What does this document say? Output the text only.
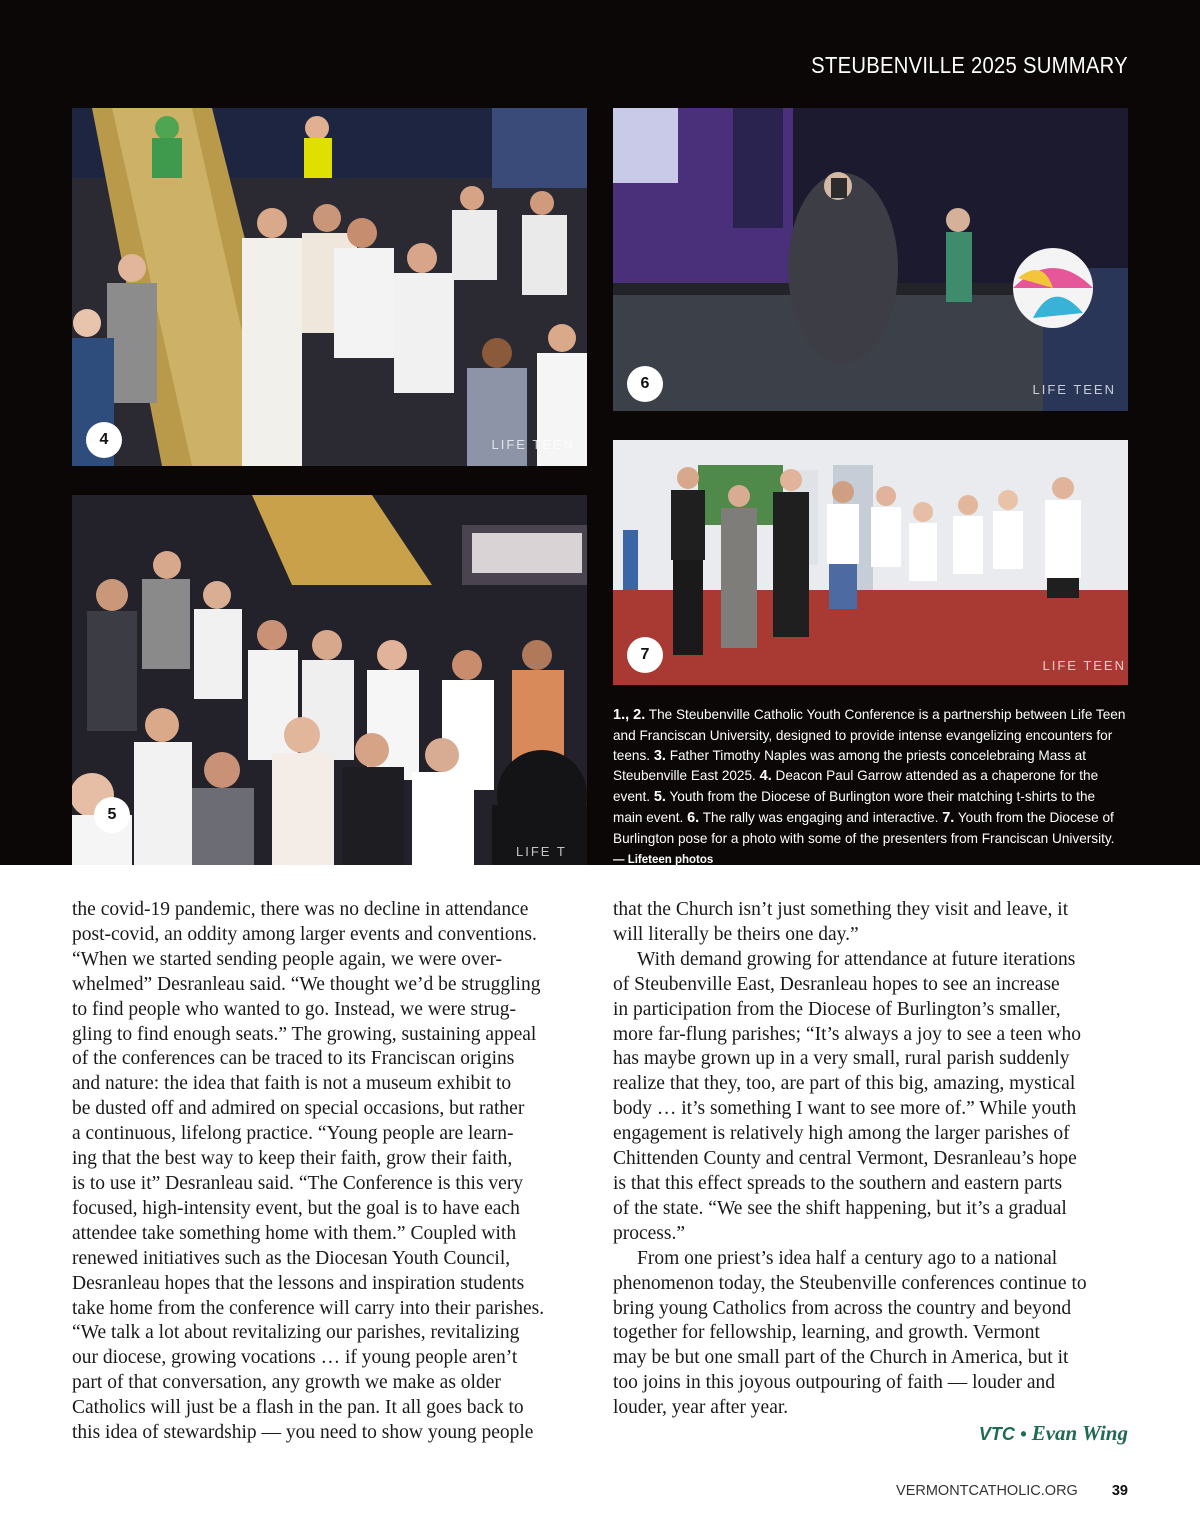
STEUBENVILLE 2025 SUMMARY
4	LIFE TEEN
6	LIFE TEEN
7
LIFE TEEN
5
LIFE T
1., 2. The Steubenville Catholic Youth Conference is a partnership between Life Teen and Franciscan University, designed to provide intense evangelizing encounters for teens. 3. Father Timothy Naples was among the priests concelebraing Mass at Steubenville East 2025. 4. Deacon Paul Garrow attended as a chaperone for the event. 5. Youth from the Diocese of Burlington wore their matching t-shirts to the main event. 6. The rally was engaging and interactive. 7. Youth from the Diocese of Burlington pose for a photo with some of the presenters from Franciscan University. — Lifeteen photos

the covid-19 pandemic, there was no decline in attendance

post-covid, an oddity among larger events and conventions.

“When we started sending people again, we were over-

whelmed” Desranleau said. “We thought we’d be struggling

to find people who wanted to go. Instead, we were strug-

gling to find enough seats.” The growing, sustaining appeal

of the conferences can be traced to its Franciscan origins

and nature: the idea that faith is not a museum exhibit to

be dusted off and admired on special occasions, but rather

a continuous, lifelong practice. “Young people are learn-

ing that the best way to keep their faith, grow their faith,

is to use it” Desranleau said. “The Conference is this very

focused, high-intensity event, but the goal is to have each

attendee take something home with them.” Coupled with

renewed initiatives such as the Diocesan Youth Council,

Desranleau hopes that the lessons and inspiration students

take home from the conference will carry into their parishes.

“We talk a lot about revitalizing our parishes, revitalizing

our diocese, growing vocations … if young people aren’t

part of that conversation, any growth we make as older

Catholics will just be a flash in the pan. It all goes back to

this idea of stewardship — you need to show young people

that the Church isn’t just something they visit and leave, it

will literally be theirs one day.”

With demand growing for attendance at future iterations

of Steubenville East, Desranleau hopes to see an increase

in participation from the Diocese of Burlington’s smaller,

more far-flung parishes; “It’s always a joy to see a teen who

has maybe grown up in a very small, rural parish suddenly

realize that they, too, are part of this big, amazing, mystical

body … it’s something I want to see more of.” While youth

engagement is relatively high among the larger parishes of

Chittenden County and central Vermont, Desranleau’s hope

is that this effect spreads to the southern and eastern parts

of the state. “We see the shift happening, but it’s a gradual

process.”

From one priest’s idea half a century ago to a national

phenomenon today, the Steubenville conferences continue to

bring young Catholics from across the country and beyond

together for fellowship, learning, and growth. Vermont

may be but one small part of the Church in America, but it

too joins in this joyous outpouring of faith — louder and

louder, year after year.

VTC • Evan Wing
VERMONTCATHOLIC.ORG 39
